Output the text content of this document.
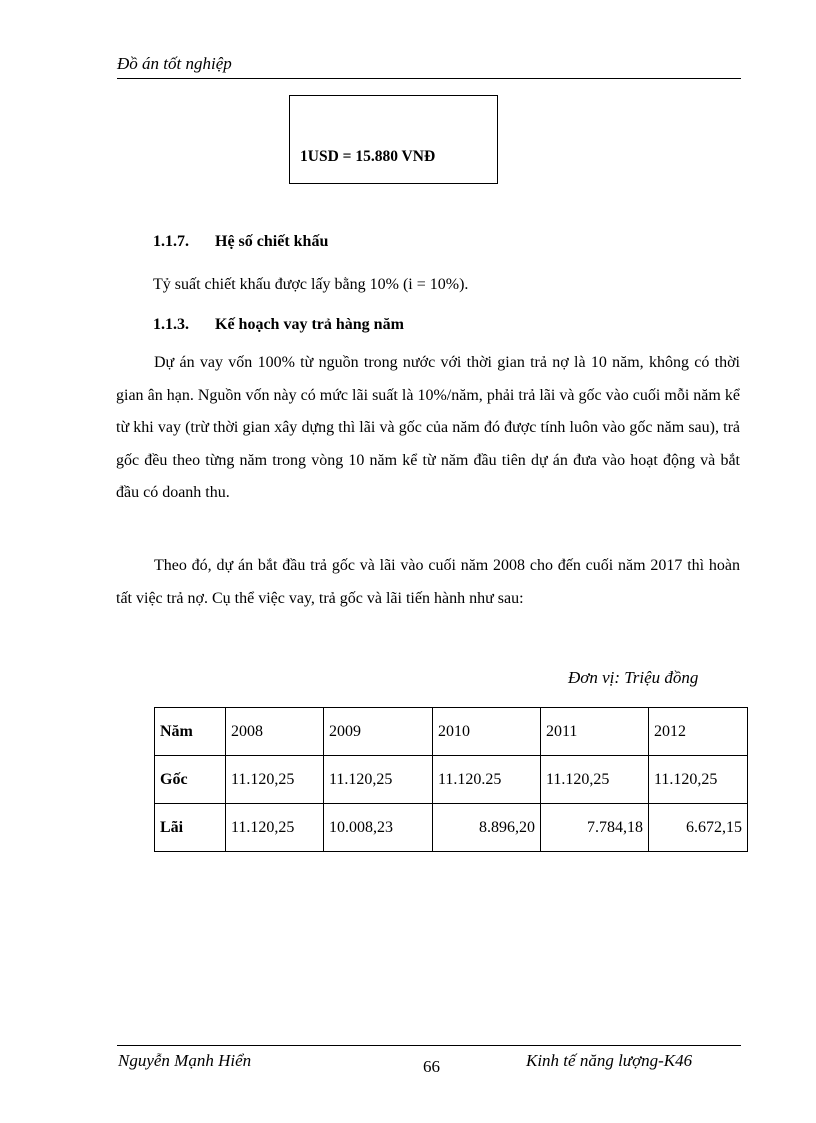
Đồ án tốt nghiệp
1USD = 15.880 VNĐ
1.1.7. Hệ số chiết khấu
Tỷ suất chiết khấu được lấy bằng 10% (i = 10%).
1.1.3. Kế hoạch vay trả hàng năm
Dự án vay vốn 100% từ nguồn trong nước với thời gian trả nợ là 10 năm, không có thời gian ân hạn. Nguồn vốn này có mức lãi suất là 10%/năm, phải trả lãi và gốc vào cuối mỗi năm kể từ khi vay (trừ thời gian xây dựng thì lãi và gốc của năm đó được tính luôn vào gốc năm sau), trả gốc đều theo từng năm trong vòng 10 năm kể từ năm đầu tiên dự án đưa vào hoạt động và bắt đầu có doanh thu.
Theo đó, dự án bắt đầu trả gốc và lãi vào cuối năm 2008 cho đến cuối năm 2017 thì hoàn tất việc trả nợ. Cụ thể việc vay, trả gốc và lãi tiến hành như sau:
Đơn vị: Triệu đồng
Năm	2008	2009	2010	2011	2012
Gốc	11.120,25	11.120,25	11.120.25	11.120,25	11.120,25
Lãi	11.120,25	10.008,23	8.896,20	7.784,18	6.672,15
Nguyễn Mạnh Hiển	66	Kinh tế năng lượng-K46
